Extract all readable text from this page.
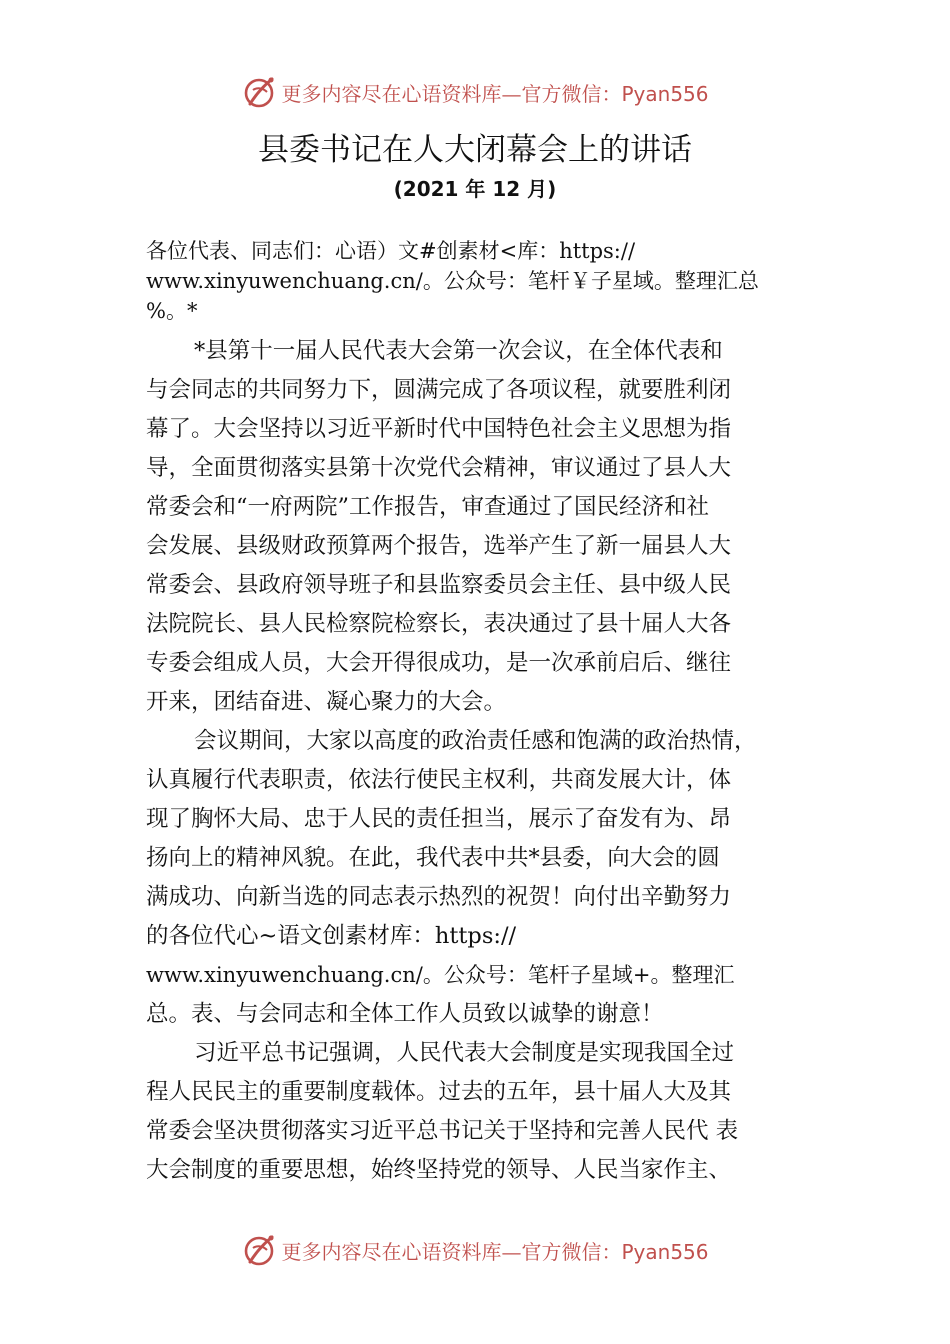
更多内容尽在心语资料库—官方微信：Pyan556
县委书记在人大闭幕会上的讲话
(2021 年 12 月)
各位代表、同志们：心语）文#创素材<库：https://
www.xinyuwenchuang.cn/。公众号：笔杆￥子星域。整理汇总
%。*
*县第十一届人民代表大会第一次会议，在全体代表和
与会同志的共同努力下，圆满完成了各项议程，就要胜利闭
幕了。大会坚持以习近平新时代中国特色社会主义思想为指
导，全面贯彻落实县第十次党代会精神，审议通过了县人大
常委会和“一府两院”工作报告，审查通过了国民经济和社
会发展、县级财政预算两个报告，选举产生了新一届县人大
常委会、县政府领导班子和县监察委员会主任、县中级人民
法院院长、县人民检察院检察长，表决通过了县十届人大各
专委会组成人员，大会开得很成功，是一次承前启后、继往
开来，团结奋进、凝心聚力的大会。
会议期间，大家以高度的政治责任感和饱满的政治热情，
认真履行代表职责，依法行使民主权利，共商发展大计，体
现了胸怀大局、忠于人民的责任担当，展示了奋发有为、昂
扬向上的精神风貌。在此，我代表中共*县委，向大会的圆
满成功、向新当选的同志表示热烈的祝贺！向付出辛勤努力
的各位代心~语文创素材库：https://
www.xinyuwenchuang.cn/。公众号：笔杆子星域+。整理汇
总。表、与会同志和全体工作人员致以诚挚的谢意！
习近平总书记强调，人民代表大会制度是实现我国全过
程人民民主的重要制度载体。过去的五年，县十届人大及其
常委会坚决贯彻落实习近平总书记关于坚持和完善人民代 表
大会制度的重要思想，始终坚持党的领导、人民当家作主、
更多内容尽在心语资料库—官方微信：Pyan556
